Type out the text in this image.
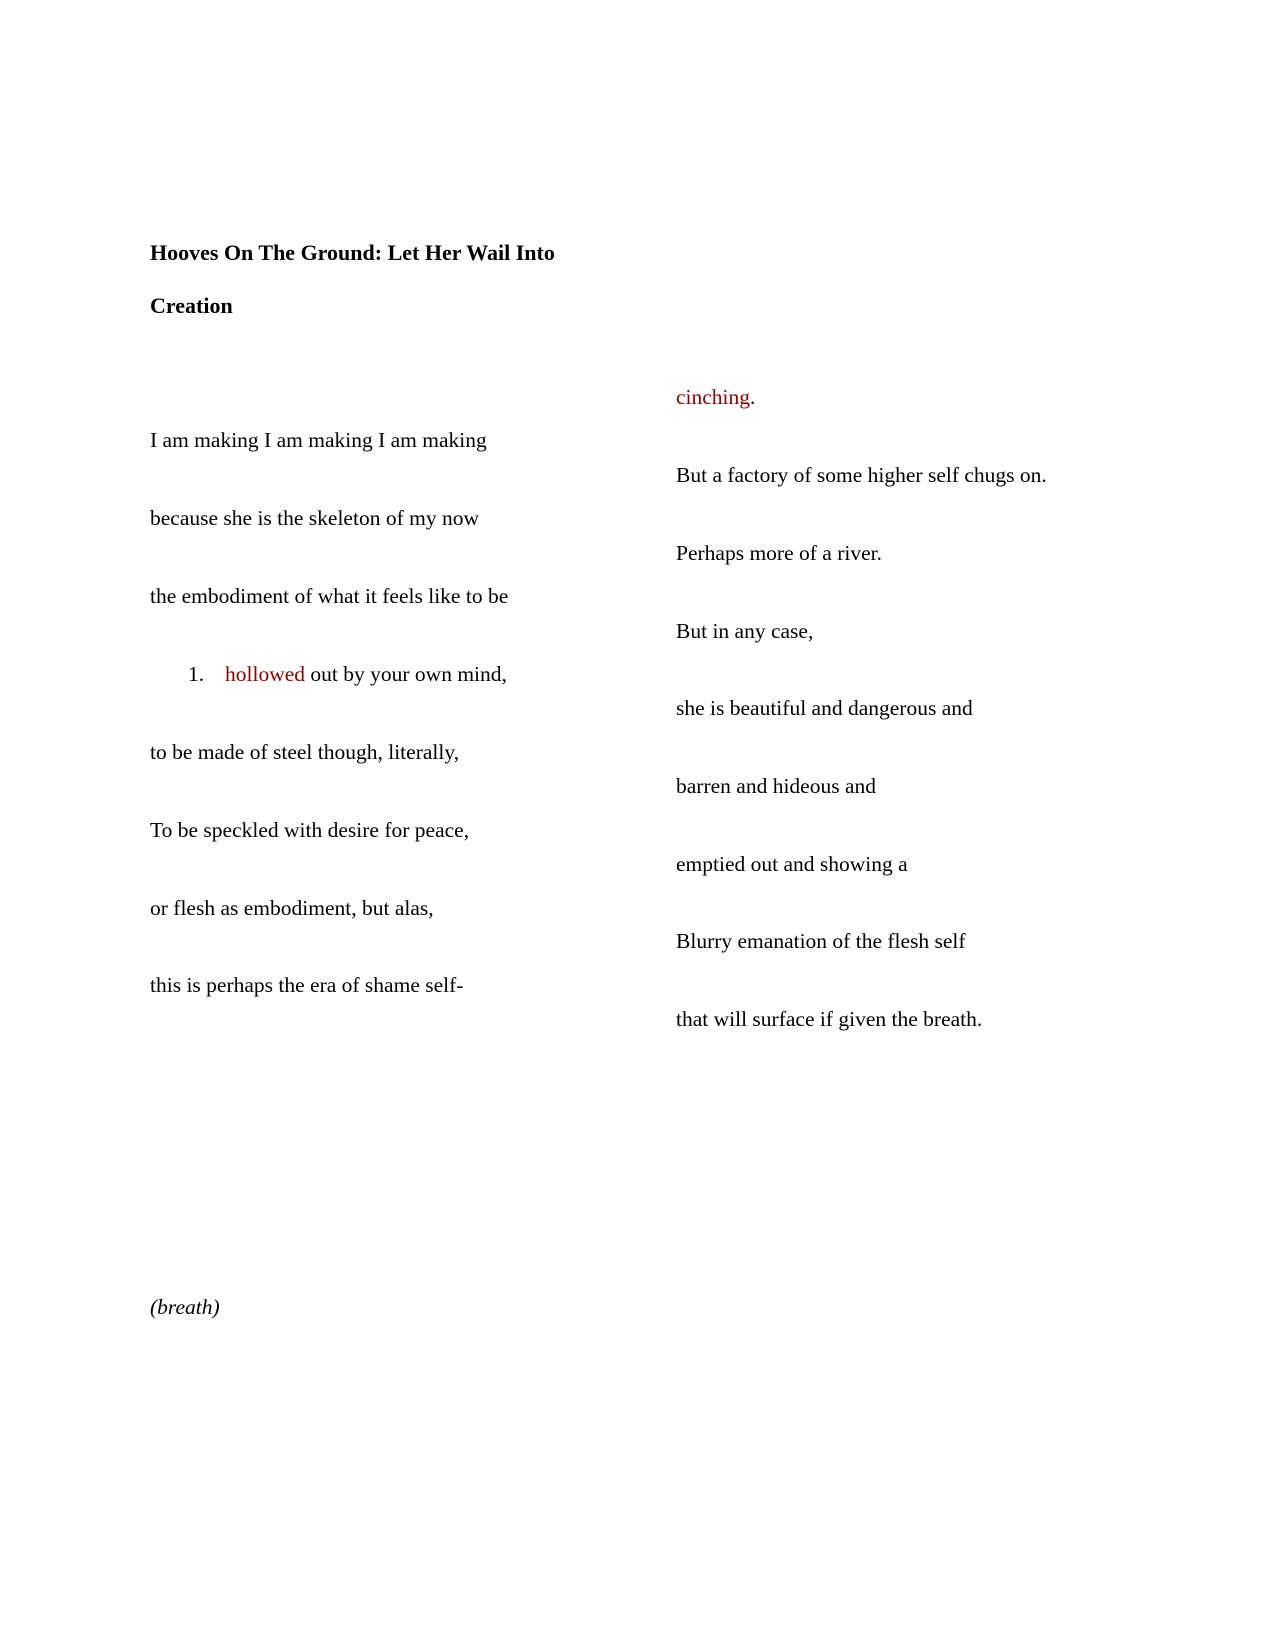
Hooves On The Ground: Let Her Wail Into
Creation

I am making I am making I am making

because she is the skeleton of my now

the embodiment of what it feels like to be

1. hollowed out by your own mind,

to be made of steel though, literally,

To be speckled with desire for peace,

or flesh as embodiment, but alas,

this is perhaps the era of shame self-

cinching.

But a factory of some higher self chugs on.

Perhaps more of a river.

But in any case,

she is beautiful and dangerous and

barren and hideous and

emptied out and showing a

Blurry emanation of the flesh self

that will surface if given the breath.

(breath)
